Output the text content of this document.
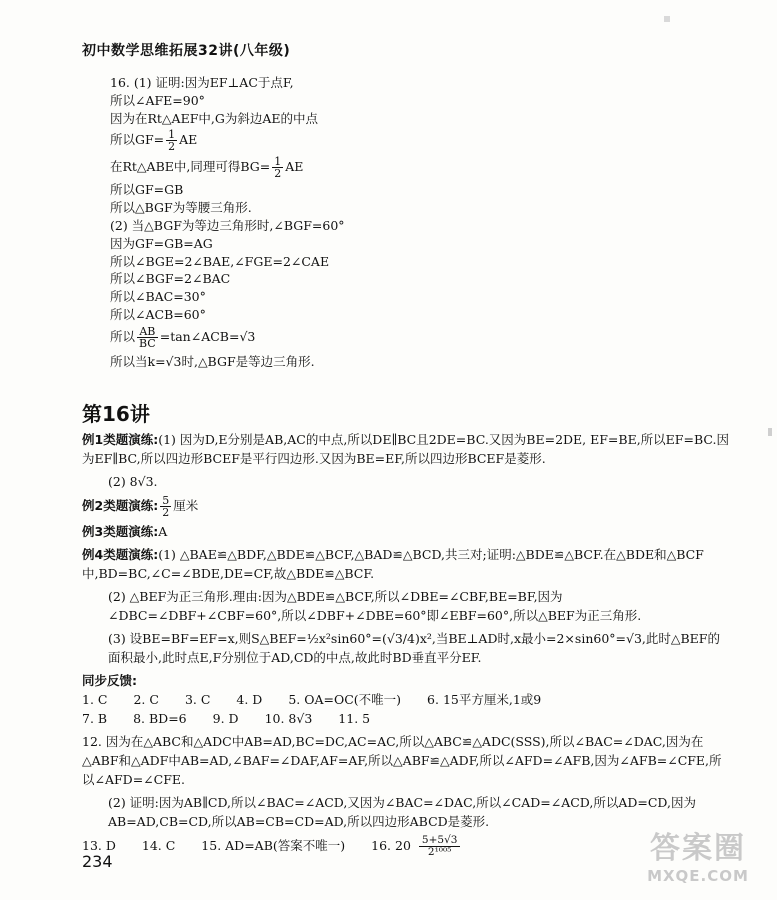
初中数学思维拓展32讲(八年级)
16. (1) 证明:因为EF⊥AC于点F,
所以∠AFE=90°
因为在Rt△AEF中,G为斜边AE的中点
所以$GF= \frac{1}{2}$ AE
在Rt△ABE中,同理可得$BG= \frac{1}{2}$ AE
所以GF=GB
所以△BGF为等腰三角形.
(2) 当△BGF为等边三角形时,∠BGF=60°
因为GF=GB=AG
所以∠BGE=2∠BAE,∠FGE=2∠CAE
所以∠BGF=2∠BAC
所以∠BAC=30°
所以∠ACB=60°
所以 $\frac{AB}{BC}$ =tan∠ACB=√3
所以当k=√3时,△BGF是等边三角形.
第16讲

例1类题演练:(1) 因为D,E分别是AB,AC的中点,所以DE∥BC且2DE=BC.又因为BE=2DE, EF=BE,所以EF=BC.因为EF∥BC,所以四边形BCEF是平行四边形.又因为BE=EF,所以四边形BCEF是菱形.

(2) 8√3.

例2类题演练: $\frac{5}{2}$ 厘米

例3类题演练:A

例4类题演练:(1) △BAE≌△BDF,△BDE≌△BCF,△BAD≌△BCD,共三对;证明:△BDE≌△BCF.在△BDE和△BCF中,BD=BC,∠C=∠BDE,DE=CF,故△BDE≌△BCF.

(2) △BEF为正三角形.理由:因为△BDE≌△BCF,所以∠DBE=∠CBF,BE=BF,因为∠DBC=∠DBF+∠CBF=60°,所以∠DBF+∠DBE=60°即∠EBF=60°,所以△BEF为正三角形.

(3) 设BE=BF=EF=x,则S△BEF=½x²sin60°=(√3/4)x²,当BE⊥AD时,x最小=2×sin60°=√3,此时△BEF的面积最小,此时点E,F分别位于AD,CD的中点,故此时BD垂直平分EF.

同步反馈:

1. C 2. C 3. C 4. D 5. OA=OC(不唯一) 6. 15平方厘米,1或9

7. B 8. BD=6 9. D 10. 8√3 11. 5

12. 因为在△ABC和△ADC中AB=AD,BC=DC,AC=AC,所以△ABC≌△ADC(SSS),所以∠BAC=∠DAC,因为在△ABF和△ADF中AB=AD,∠BAF=∠DAF,AF=AF,所以△ABF≌△ADF,所以∠AFD=∠AFB,因为∠AFB=∠CFE,所以∠AFD=∠CFE.

(2) 证明:因为AB∥CD,所以∠BAC=∠ACD,又因为∠BAC=∠DAC,所以∠CAD=∠ACD,所以AD=CD,因为AB=AD,CB=CD,所以AB=CB=CD=AD,所以四边形ABCD是菱形.

13. D 14. C 15. AD=AB(答案不唯一) 16. $20 \frac{5+5√3}{\text{2¹⁰⁰⁵}}$

234	答案圈
MXQE.COM
